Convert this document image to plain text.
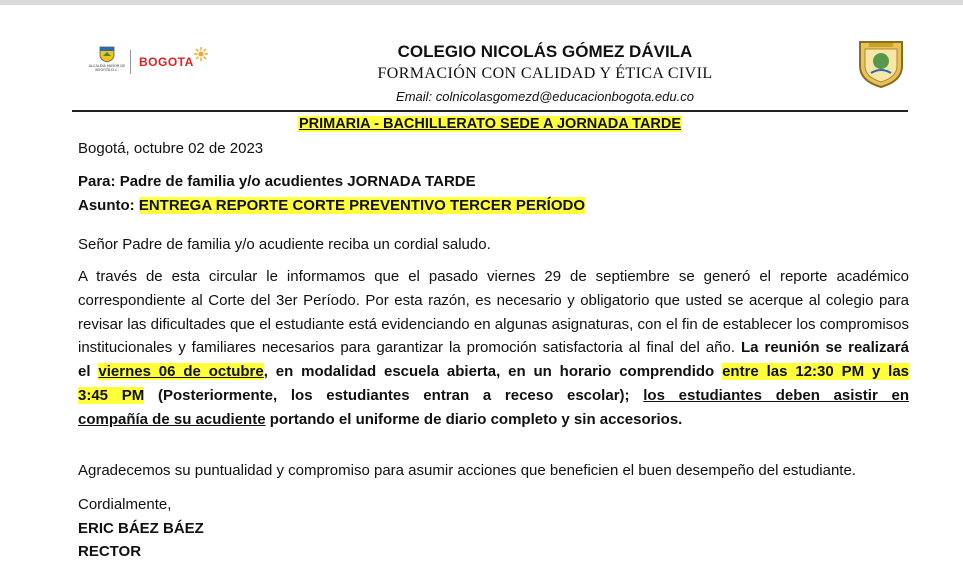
ALCALDÍA MAYOR DE BOGOTÁ D.C.
BOGOTA
COLEGIO NICOLÁS GÓMEZ DÁVILA
FORMACIÓN CON CALIDAD Y ÉTICA CIVIL
Email: colnicolasgomezd@educacionbogota.edu.co
PRIMARIA - BACHILLERATO SEDE A JORNADA TARDE
Bogotá, octubre 02 de 2023
Para: Padre de familia y/o acudientes JORNADA TARDE
Asunto: ENTREGA REPORTE CORTE PREVENTIVO TERCER PERÍODO
Señor Padre de familia y/o acudiente reciba un cordial saludo.
A través de esta circular le informamos que el pasado viernes 29 de septiembre se generó el reporte académico
correspondiente al Corte del 3er Período. Por esta razón, es necesario y obligatorio que usted se acerque al colegio para
revisar las dificultades que el estudiante está evidenciando en algunas asignaturas, con el fin de establecer los compromisos
institucionales y familiares necesarios para garantizar la promoción satisfactoria al final del año. La reunión se realizará
el viernes 06 de octubre, en modalidad escuela abierta, en un horario comprendido entre las 12:30 PM y las
3:45 PM (Posteriormente, los estudiantes entran a receso escolar); los estudiantes deben asistir en
compañía de su acudiente portando el uniforme de diario completo y sin accesorios.
Agradecemos su puntualidad y compromiso para asumir acciones que beneficien el buen desempeño del estudiante.
Cordialmente,
ERIC BÁEZ BÁEZ
RECTOR
